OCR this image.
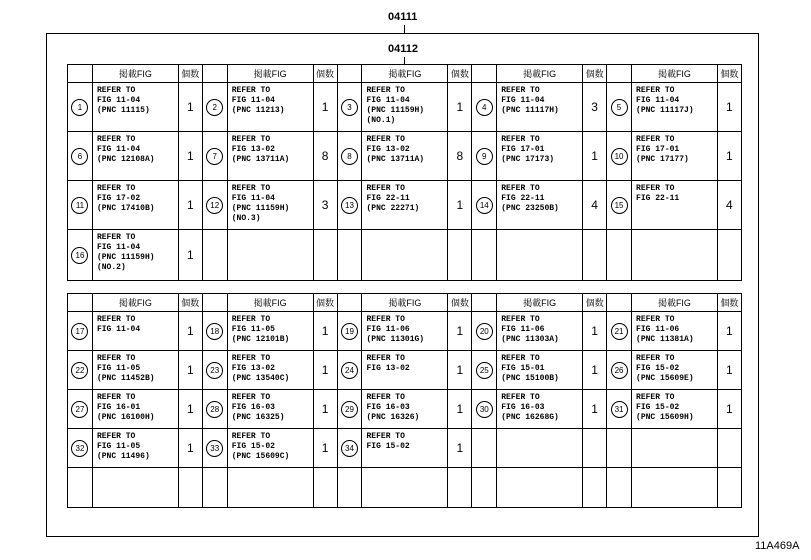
04111
04112
	掲載FIG	個数		掲載FIG	個数		掲載FIG	個数		掲載FIG	個数		掲載FIG	個数
1	REFER TO
FIG 11-04
(PNC 11115)	1	2	REFER TO
FIG 11-04
(PNC 11213)	1	3	REFER TO
FIG 11-04
(PNC 11159H)
(NO.1)	1	4	REFER TO
FIG 11-04
(PNC 11117H)	3	5	REFER TO
FIG 11-04
(PNC 11117J)	1
6	REFER TO
FIG 11-04
(PNC 12108A)	1	7	REFER TO
FIG 13-02
(PNC 13711A)	8	8	REFER TO
FIG 13-02
(PNC 13711A)	8	9	REFER TO
FIG 17-01
(PNC 17173)	1	10	REFER TO
FIG 17-01
(PNC 17177)	1
11	REFER TO
FIG 17-02
(PNC 17410B)	1	12	REFER TO
FIG 11-04
(PNC 11159H)
(NO.3)	3	13	REFER TO
FIG 22-11
(PNC 22271)	1	14	REFER TO
FIG 22-11
(PNC 23250B)	4	15	REFER TO
FIG 22-11	4
16	REFER TO
FIG 11-04
(PNC 11159H)
(NO.2)	1												
	掲載FIG	個数		掲載FIG	個数		掲載FIG	個数		掲載FIG	個数		掲載FIG	個数
17	REFER TO
FIG 11-04	1	18	REFER TO
FIG 11-05
(PNC 12101B)	1	19	REFER TO
FIG 11-06
(PNC 11301G)	1	20	REFER TO
FIG 11-06
(PNC 11303A)	1	21	REFER TO
FIG 11-06
(PNC 11381A)	1
22	REFER TO
FIG 11-05
(PNC 11452B)	1	23	REFER TO
FIG 13-02
(PNC 13540C)	1	24	REFER TO
FIG 13-02	1	25	REFER TO
FIG 15-01
(PNC 15100B)	1	26	REFER TO
FIG 15-02
(PNC 15609E)	1
27	REFER TO
FIG 16-01
(PNC 16100H)	1	28	REFER TO
FIG 16-03
(PNC 16325)	1	29	REFER TO
FIG 16-03
(PNC 16326)	1	30	REFER TO
FIG 16-03
(PNC 16268G)	1	31	REFER TO
FIG 15-02
(PNC 15609H)	1
32	REFER TO
FIG 11-05
(PNC 11496)	1	33	REFER TO
FIG 15-02
(PNC 15609C)	1	34	REFER TO
FIG 15-02	1						

11A469A
